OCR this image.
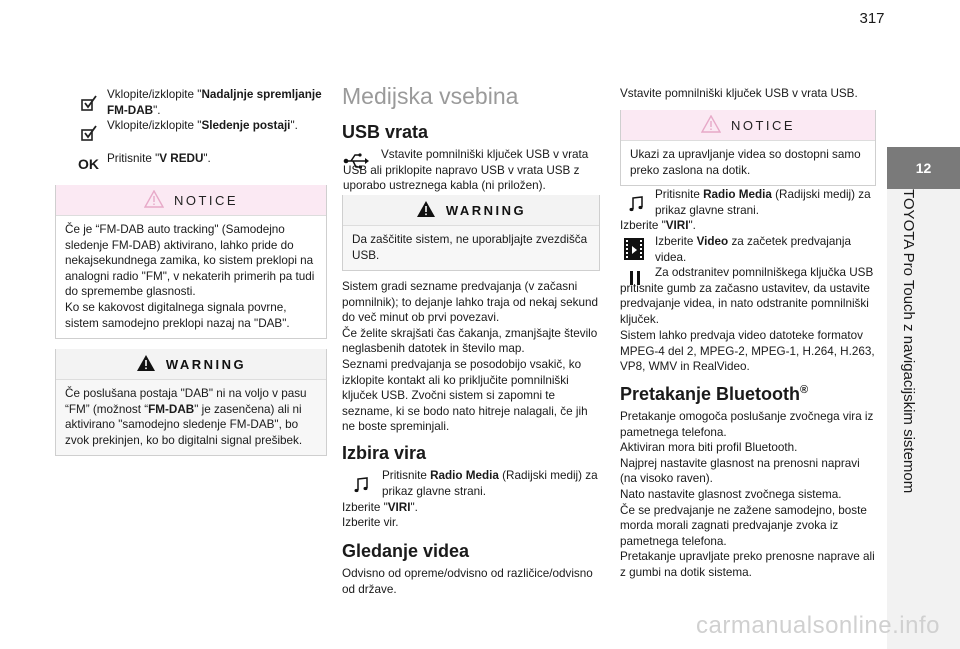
317
12
TOYOTA Pro Touch z navigacijskim sistemom
Vklopite/izklopite "Nadaljnje spremljanje FM-DAB".
Vklopite/izklopite "Sledenje postaji".
OK Pritisnite "V REDU".
NOTICE
Če je “FM-DAB auto tracking" (Samodejno sledenje FM-DAB) aktivirano, lahko pride do nekajsekundnega zamika, ko sistem preklopi na analogni radio "FM", v nekaterih primerih pa tudi do spremembe glasnosti.
Ko se kakovost digitalnega signala povrne, sistem samodejno preklopi nazaj na "DAB".
WARNING
Če poslušana postaja "DAB" ni na voljo v pasu “FM” (možnost “FM-DAB" je zasenčena) ali ni aktivirano "samodejno sledenje FM-DAB", bo zvok prekinjen, ko bo digitalni signal prešibek.
Medijska vsebina
USB vrata
Vstavite pomnilniški ključek USB v vrata USB ali priklopite napravo USB v vrata USB z uporabo ustreznega kabla (ni priložen).
WARNING
Da zaščitite sistem, ne uporabljajte zvezdišča USB.
Sistem gradi sezname predvajanja (v začasni pomnilnik); to dejanje lahko traja od nekaj sekund do več minut ob prvi povezavi.
Če želite skrajšati čas čakanja, zmanjšajte število neglasbenih datotek in število map.
Seznami predvajanja se posodobijo vsakič, ko izklopite kontakt ali ko priključite pomnilniški ključek USB. Zvočni sistem si zapomni te sezname, ki se bodo nato hitreje nalagali, če jih ne boste spreminjali.
Izbira vira
Pritisnite Radio Media (Radijski medij) za prikaz glavne strani.
Izberite "VIRI".
Izberite vir.
Gledanje videa
Odvisno od opreme/odvisno od različice/odvisno od države.
Vstavite pomnilniški ključek USB v vrata USB.
NOTICE
Ukazi za upravljanje videa so dostopni samo preko zaslona na dotik.
Pritisnite Radio Media (Radijski medij) za prikaz glavne strani.
Izberite "VIRI".
Izberite Video za začetek predvajanja videa.
Za odstranitev pomnilniškega ključka USB pritisnite gumb za začasno ustavitev, da ustavite predvajanje videa, in nato odstranite pomnilniški ključek.
Sistem lahko predvaja video datoteke formatov MPEG-4 del 2, MPEG-2, MPEG-1, H.264, H.263, VP8, WMV in RealVideo.
Pretakanje Bluetooth®
Pretakanje omogoča poslušanje zvočnega vira iz pametnega telefona.
Aktiviran mora biti profil Bluetooth.
Najprej nastavite glasnost na prenosni napravi (na visoko raven).
Nato nastavite glasnost zvočnega sistema.
Če se predvajanje ne zažene samodejno, boste morda morali zagnati predvajanje zvoka iz pametnega telefona.
Pretakanje upravljate preko prenosne naprave ali z gumbi na dotik sistema.
carmanualsonline.info
